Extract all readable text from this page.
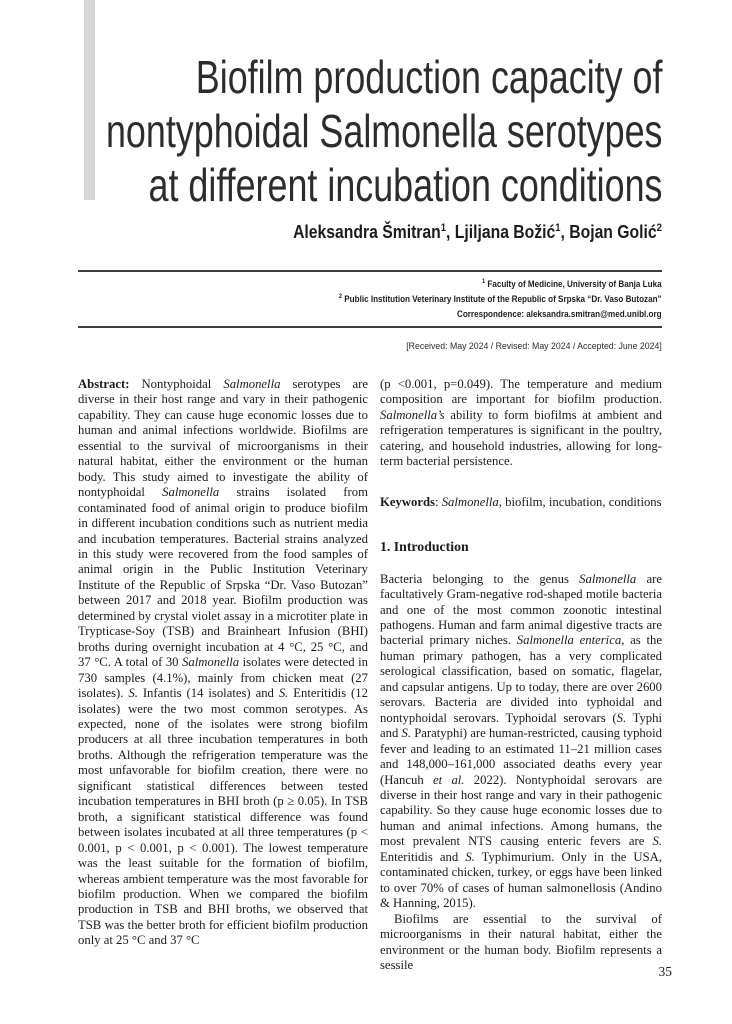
Biofilm production capacity of
nontyphoidal Salmonella serotypes
at different incubation conditions
Aleksandra Šmitran$^1$, Ljiljana Božić$^1$, Bojan Golić$^2$
$^1$ Faculty of Medicine, University of Banja Luka
$^2$ Public Institution Veterinary Institute of the Republic of Srpska “Dr. Vaso Butozan”
Correspondence: aleksandra.smitran@med.unibl.org
[Received: May 2024 / Revised: May 2024 / Accepted: June 2024]

Abstract: Nontyphoidal Salmonella serotypes are diverse in their host range and vary in their pathogenic capability. They can cause huge economic losses due to human and animal infections worldwide. Biofilms are essential to the survival of microorganisms in their natural habitat, either the environment or the human body. This study aimed to investigate the ability of nontyphoidal Salmonella strains isolated from contaminated food of animal origin to produce biofilm in different incubation conditions such as nutrient media and incubation temperatures. Bacterial strains analyzed in this study were recovered from the food samples of animal origin in the Public Institution Veterinary Institute of the Republic of Srpska “Dr. Vaso Butozan” between 2017 and 2018 year. Biofilm production was determined by crystal violet assay in a microtiter plate in Trypticase-Soy (TSB) and Brainheart Infusion (BHI) broths during overnight incubation at 4 °C, 25 °C, and 37 °C. A total of 30 Salmonella isolates were detected in 730 samples (4.1%), mainly from chicken meat (27 isolates). S. Infantis (14 isolates) and S. Enteritidis (12 isolates) were the two most common serotypes. As expected, none of the isolates were strong biofilm producers at all three incubation temperatures in both broths. Although the refrigeration temperature was the most unfavorable for biofilm creation, there were no significant statistical differences between tested incubation temperatures in BHI broth (p ≥ 0.05). In TSB broth, a significant statistical difference was found between isolates incubated at all three temperatures (p < 0.001, p < 0.001, p < 0.001). The lowest temperature was the least suitable for the formation of biofilm, whereas ambient temperature was the most favorable for biofilm production. When we compared the biofilm production in TSB and BHI broths, we observed that TSB was the better broth for efficient biofilm production only at 25 °C and 37 °C

(p <0.001, p=0.049). The temperature and medium composition are important for biofilm production. Salmonella’s ability to form biofilms at ambient and refrigeration temperatures is significant in the poultry, catering, and household industries, allowing for long-term bacterial persistence.

Keywords: Salmonella, biofilm, incubation, conditions

1. Introduction

Bacteria belonging to the genus Salmonella are facultatively Gram-negative rod-shaped motile bacteria and one of the most common zoonotic intestinal pathogens. Human and farm animal digestive tracts are bacterial primary niches. Salmonella enterica, as the human primary pathogen, has a very complicated serological classification, based on somatic, flagelar, and capsular antigens. Up to today, there are over 2600 serovars. Bacteria are divided into typhoidal and nontyphoidal serovars. Typhoidal serovars (S. Typhi and S. Paratyphi) are human-restricted, causing typhoid fever and leading to an estimated 11–21 million cases and 148,000–161,000 associated deaths every year (Hancuh et al. 2022). Nontyphoidal serovars are diverse in their host range and vary in their pathogenic capability. So they cause huge economic losses due to human and animal infections. Among humans, the most prevalent NTS causing enteric fevers are S. Enteritidis and S. Typhimurium. Only in the USA, contaminated chicken, turkey, or eggs have been linked to over 70% of cases of human salmonellosis (Andino & Hanning, 2015).

Biofilms are essential to the survival of microorganisms in their natural habitat, either the environment or the human body. Biofilm represents a sessile	35
